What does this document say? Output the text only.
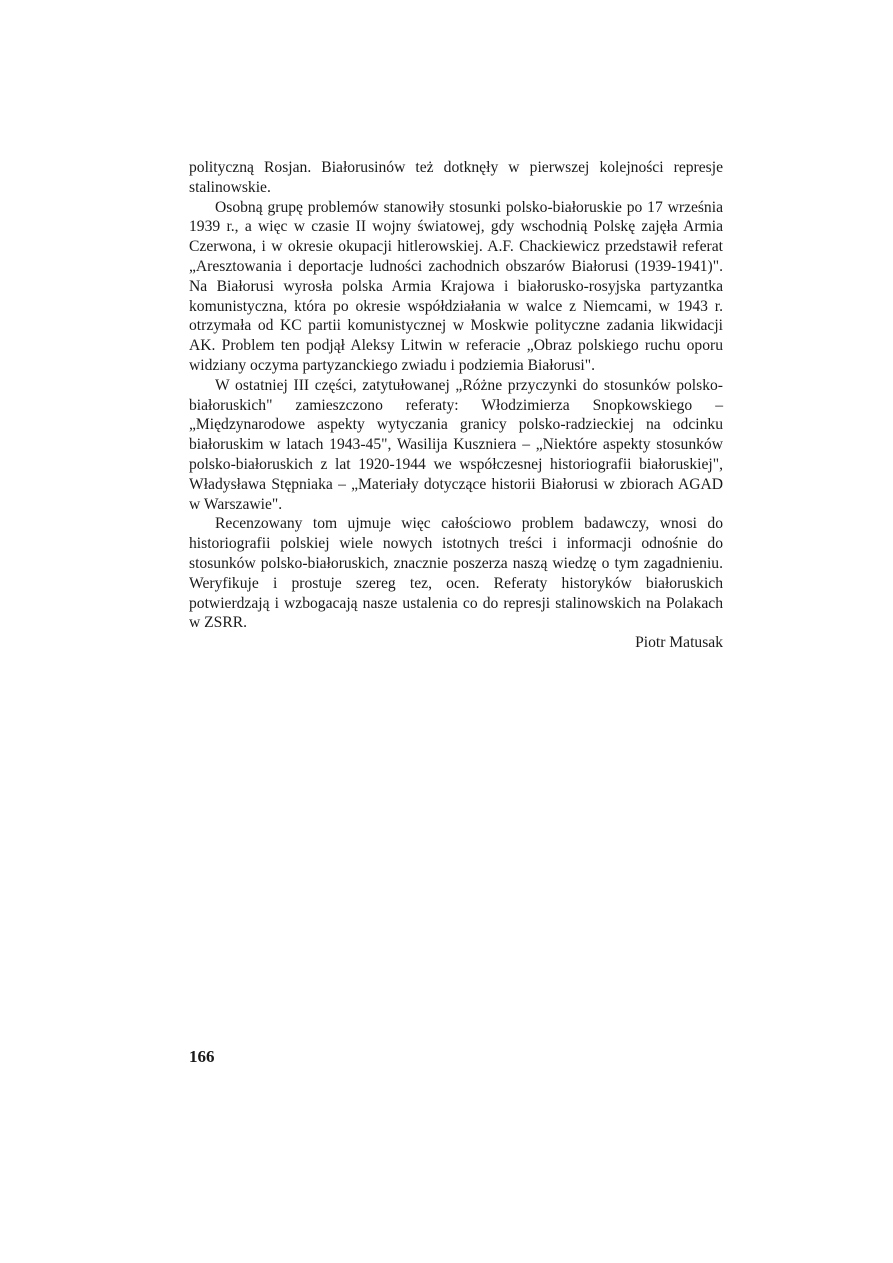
polityczną Rosjan. Białorusinów też dotknęły w pierwszej kolejności represje stalinowskie.

Osobną grupę problemów stanowiły stosunki polsko-białoruskie po 17 września 1939 r., a więc w czasie II wojny światowej, gdy wschodnią Polskę zajęła Armia Czerwona, i w okresie okupacji hitlerowskiej. A.F. Chackiewicz przedstawił referat „Aresztowania i deportacje ludności zachodnich obszarów Białorusi (1939-1941)". Na Białorusi wyrosła polska Armia Krajowa i białorusko-rosyjska partyzantka komunistyczna, która po okresie współdziałania w walce z Niemcami, w 1943 r. otrzymała od KC partii komunistycznej w Moskwie polityczne zadania likwidacji AK. Problem ten podjął Aleksy Litwin w referacie „Obraz polskiego ruchu oporu widziany oczyma partyzanckiego zwiadu i podziemia Białorusi".

W ostatniej III części, zatytułowanej „Różne przyczynki do stosunków polsko-białoruskich" zamieszczono referaty: Włodzimierza Snopkowskiego – „Międzynarodowe aspekty wytyczania granicy polsko-radzieckiej na odcinku białoruskim w latach 1943-45", Wasilija Kuszniera – „Niektóre aspekty stosunków polsko-białoruskich z lat 1920-1944 we współczesnej historiografii białoruskiej", Władysława Stępniaka – „Materiały dotyczące historii Białorusi w zbiorach AGAD w Warszawie".

Recenzowany tom ujmuje więc całościowo problem badawczy, wnosi do historiografii polskiej wiele nowych istotnych treści i informacji odnośnie do stosunków polsko-białoruskich, znacznie poszerza naszą wiedzę o tym zagadnieniu. Weryfikuje i prostuje szereg tez, ocen. Referaty historyków białoruskich potwierdzają i wzbogacają nasze ustalenia co do represji stalinowskich na Polakach w ZSRR.

Piotr Matusak

166
